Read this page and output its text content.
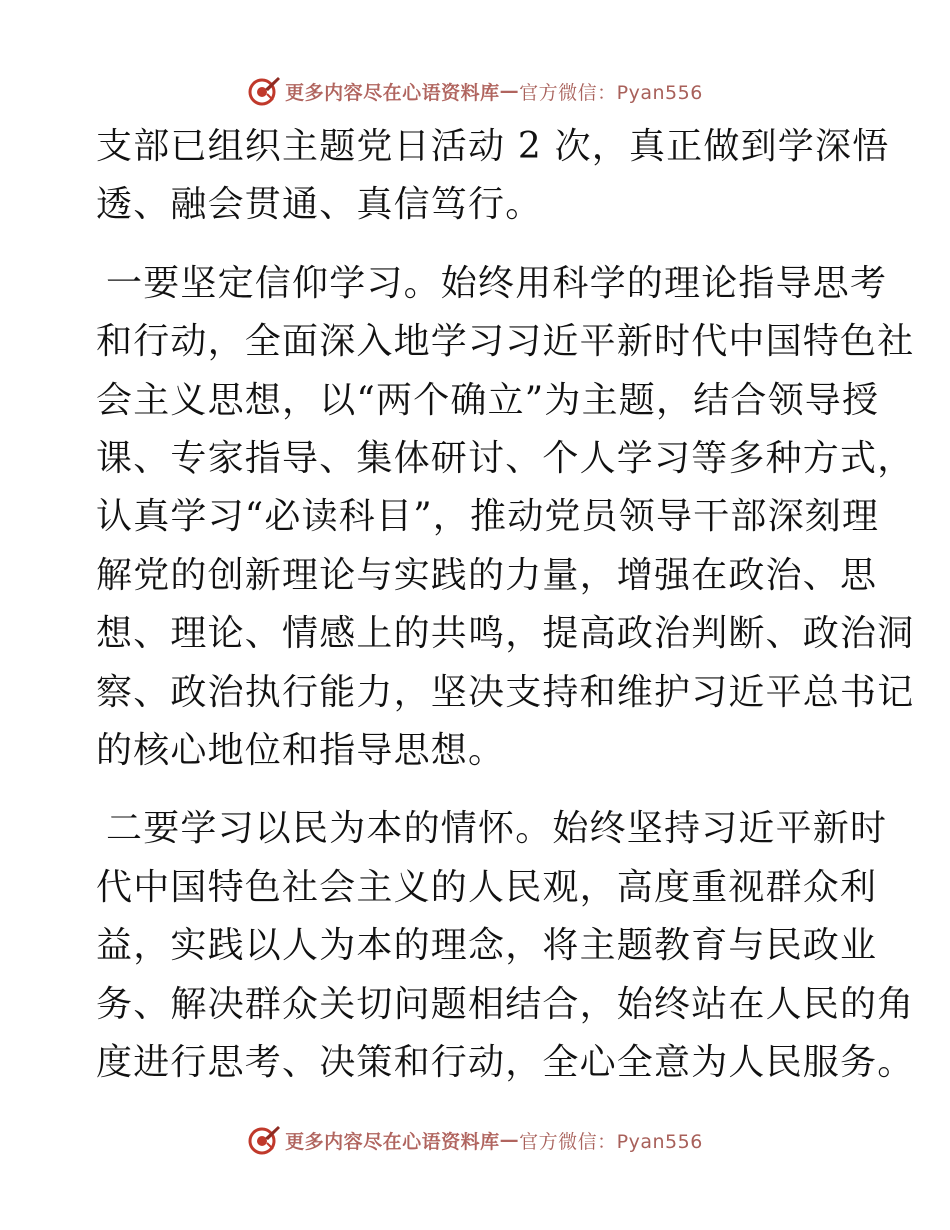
更多内容尽在心语资料库 — 官方微信：Pyan556

支部已组织主题党日活动 2 次，真正做到学深悟
透、融会贯通、真信笃行。

一要坚定信仰学习。始终用科学的理论指导思考
和行动，全面深入地学习习近平新时代中国特色社
会主义思想，以“两个确立”为主题，结合领导授
课、专家指导、集体研讨、个人学习等多种方式，
认真学习“必读科目”，推动党员领导干部深刻理
解党的创新理论与实践的力量，增强在政治、思
想、理论、情感上的共鸣，提高政治判断、政治洞
察、政治执行能力，坚决支持和维护习近平总书记
的核心地位和指导思想。

二要学习以民为本的情怀。始终坚持习近平新时
代中国特色社会主义的人民观，高度重视群众利
益，实践以人为本的理念，将主题教育与民政业
务、解决群众关切问题相结合，始终站在人民的角
度进行思考、决策和行动，全心全意为人民服务。

更多内容尽在心语资料库 — 官方微信：Pyan556
